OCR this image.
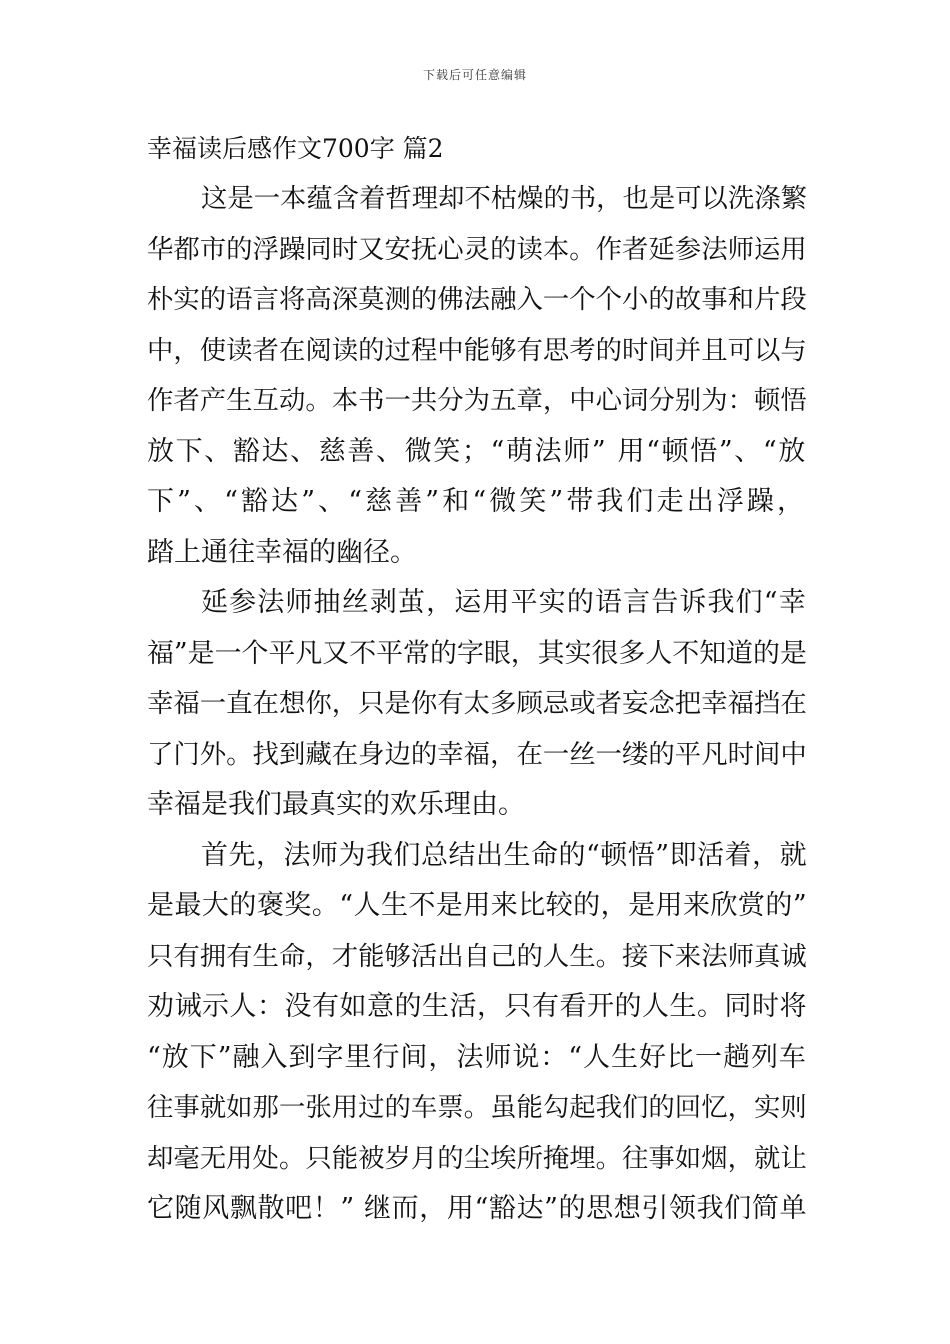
下载后可任意编辑
幸福读后感作文700字 篇2
这是一本蕴含着哲理却不枯燥的书，也是可以洗涤繁
华都市的浮躁同时又安抚心灵的读本。作者延参法师运用
朴实的语言将高深莫测的佛法融入一个个小的故事和片段
中，使读者在阅读的过程中能够有思考的时间并且可以与
作者产生互动。本书一共分为五章，中心词分别为：顿悟
放下、豁达、慈善、微笑；“萌法师” 用“顿悟”、“放
下”、“豁达”、“慈善”和“微笑”带我们走出浮躁，
踏上通往幸福的幽径。
延参法师抽丝剥茧，运用平实的语言告诉我们“幸
福”是一个平凡又不平常的字眼，其实很多人不知道的是
幸福一直在想你，只是你有太多顾忌或者妄念把幸福挡在
了门外。找到藏在身边的幸福，在一丝一缕的平凡时间中
幸福是我们最真实的欢乐理由。
首先，法师为我们总结出生命的“顿悟”即活着，就
是最大的褒奖。“人生不是用来比较的，是用来欣赏的”
只有拥有生命，才能够活出自己的人生。接下来法师真诚
劝诫示人：没有如意的生活，只有看开的人生。同时将
“放下”融入到字里行间，法师说：“人生好比一趟列车
往事就如那一张用过的车票。虽能勾起我们的回忆，实则
却毫无用处。只能被岁月的尘埃所掩埋。往事如烟，就让
它随风飘散吧！” 继而，用“豁达”的思想引领我们简单
